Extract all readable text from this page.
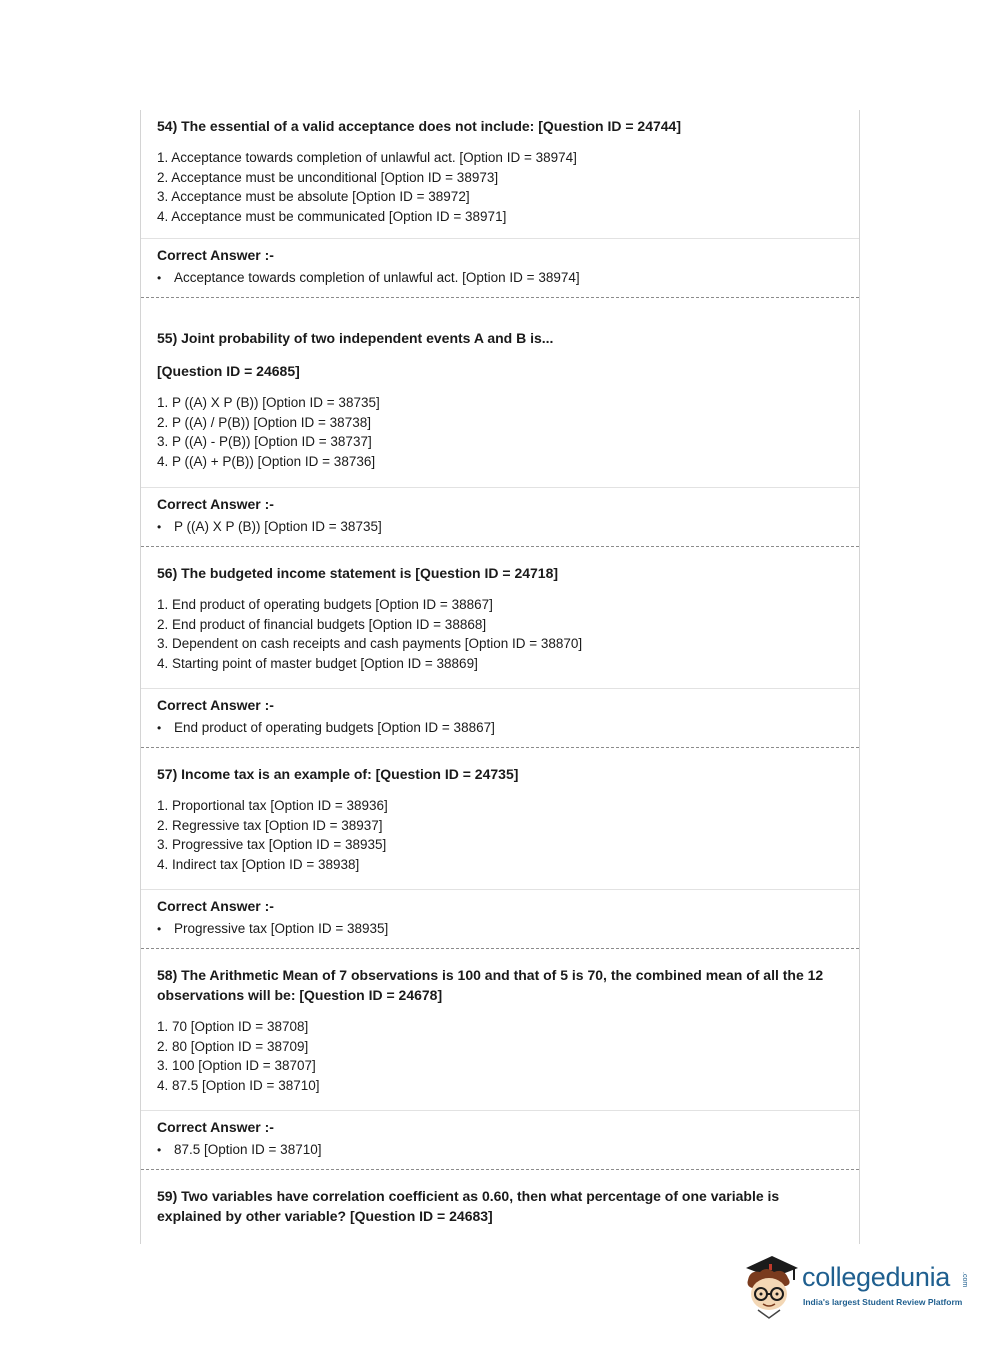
54) The essential of a valid acceptance does not include: [Question ID = 24744]

1. Acceptance towards completion of unlawful act. [Option ID = 38974]
2. Acceptance must be unconditional [Option ID = 38973]
3. Acceptance must be absolute [Option ID = 38972]
4. Acceptance must be communicated [Option ID = 38971]
Correct Answer :-
• Acceptance towards completion of unlawful act. [Option ID = 38974]

55) Joint probability of two independent events A and B is...

[Question ID = 24685]

1. P ((A) X P (B)) [Option ID = 38735]
2. P ((A) / P(B)) [Option ID = 38738]
3. P ((A) - P(B)) [Option ID = 38737]
4. P ((A) + P(B)) [Option ID = 38736]
Correct Answer :-
• P ((A) X P (B)) [Option ID = 38735]

56) The budgeted income statement is [Question ID = 24718]

1. End product of operating budgets [Option ID = 38867]
2. End product of financial budgets [Option ID = 38868]
3. Dependent on cash receipts and cash payments [Option ID = 38870]
4. Starting point of master budget [Option ID = 38869]
Correct Answer :-
• End product of operating budgets [Option ID = 38867]

57) Income tax is an example of: [Question ID = 24735]

1. Proportional tax [Option ID = 38936]
2. Regressive tax [Option ID = 38937]
3. Progressive tax [Option ID = 38935]
4. Indirect tax [Option ID = 38938]
Correct Answer :-
• Progressive tax [Option ID = 38935]

58) The Arithmetic Mean of 7 observations is 100 and that of 5 is 70, the combined mean of all the 12 observations will be: [Question ID = 24678]

1. 70 [Option ID = 38708]
2. 80 [Option ID = 38709]
3. 100 [Option ID = 38707]
4. 87.5 [Option ID = 38710]
Correct Answer :-
• 87.5 [Option ID = 38710]

59) Two variables have correlation coefficient as 0.60, then what percentage of one variable is explained by other variable? [Question ID = 24683]

collegedunia .com
India's largest Student Review Platform
